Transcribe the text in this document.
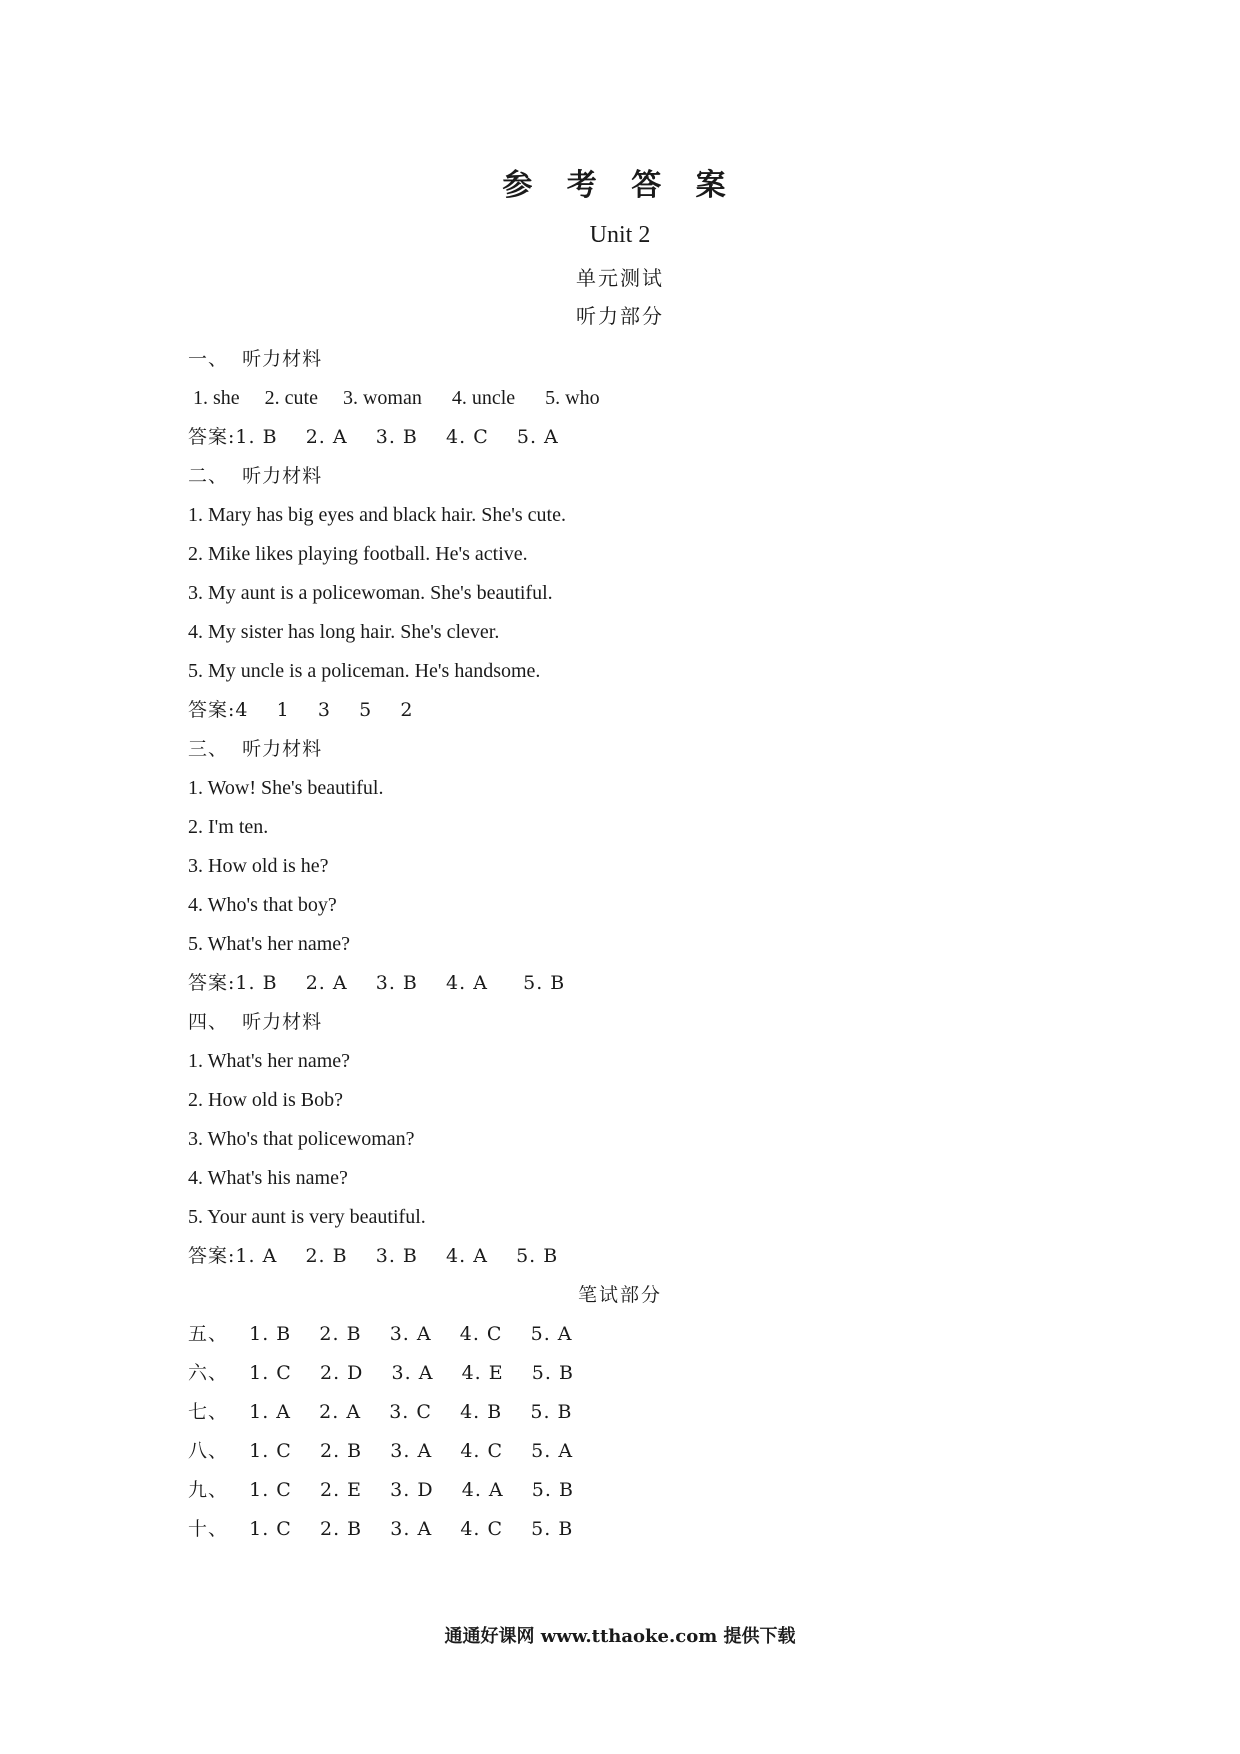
参 考 答 案
Unit 2
单元测试
听力部分
一、  听力材料
1. she     2. cute     3. woman      4. uncle      5. who
答案:1. B    2. A    3. B    4. C    5. A
二、  听力材料
1. Mary has big eyes and black hair. She's cute.
2. Mike likes playing football. He's active.
3. My aunt is a policewoman. She's beautiful.
4. My sister has long hair. She's clever.
5. My uncle is a policeman. He's handsome.
答案:4    1    3    5    2
三、  听力材料
1. Wow! She's beautiful.
2. I'm ten.
3. How old is he?
4. Who's that boy?
5. What's her name?
答案:1. B    2. A    3. B    4. A     5. B
四、  听力材料
1. What's her name?
2. How old is Bob?
3. Who's that policewoman?
4. What's his name?
5. Your aunt is very beautiful.
答案:1. A    2. B    3. B    4. A    5. B
笔试部分
五、   1. B    2. B    3. A    4. C    5. A
六、   1. C    2. D    3. A    4. E    5. B
七、   1. A    2. A    3. C    4. B    5. B
八、   1. C    2. B    3. A    4. C    5. A
九、   1. C    2. E    3. D    4. A    5. B
十、   1. C    2. B    3. A    4. C    5. B
通通好课网 www.tthaoke.com 提供下载
